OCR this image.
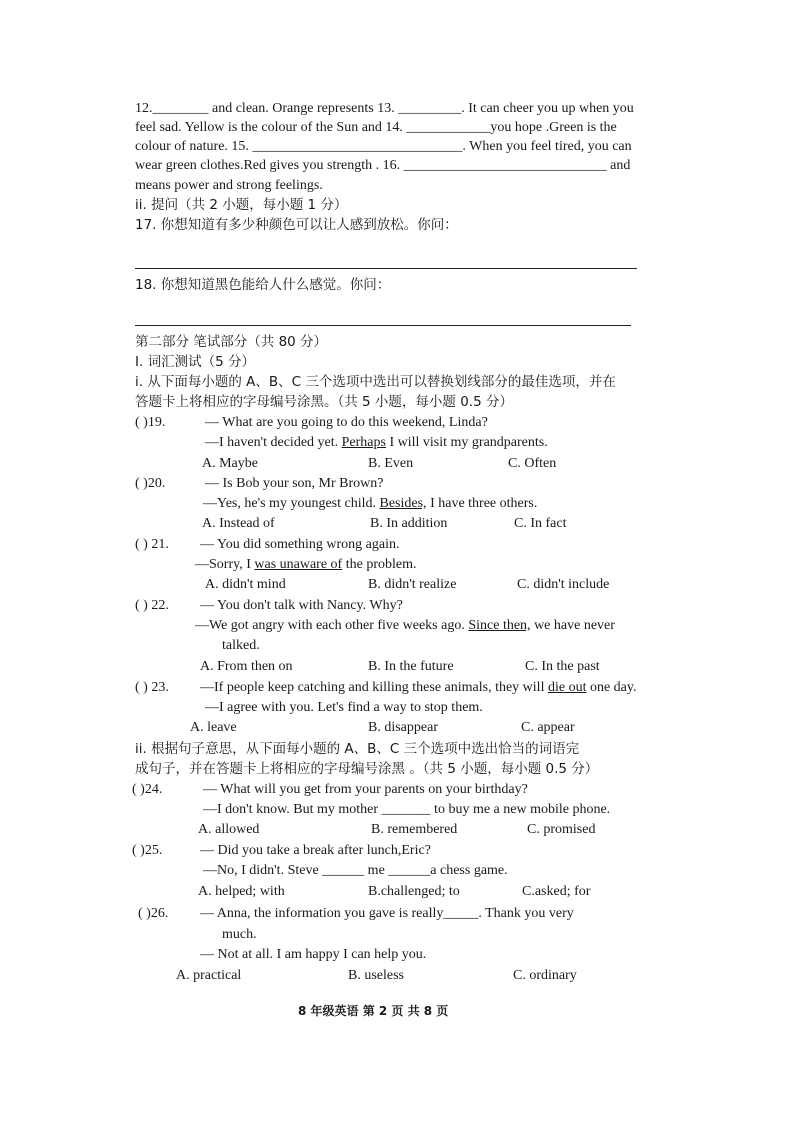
12.________ and clean. Orange represents 13. _________. It can cheer you up when you
feel sad. Yellow is the colour of the Sun and 14. ____________you hope .Green is the
colour of nature. 15. ______________________________. When you feel tired, you can
wear green clothes.Red gives you strength . 16. _____________________________ and
means power and strong feelings.
ii. 提问（共 2 小题，每小题 1 分）
17. 你想知道有多少种颜色可以让人感到放松。你问：
18. 你想知道黑色能给人什么感觉。你问：
第二部分 笔试部分（共 80 分）
I. 词汇测试（5 分）
i. 从下面每小题的 A、B、C 三个选项中选出可以替换划线部分的最佳选项，并在
答题卡上将相应的字母编号涂黑。（共 5 小题，每小题 0.5 分）
( )19.	— What are you going to do this weekend, Linda?
—I haven't decided yet. Perhaps I will visit my grandparents.
A. Maybe	B. Even	C. Often
( )20.	— Is Bob your son, Mr Brown?
—Yes, he's my youngest child. Besides, I have three others.
A. Instead of	B. In addition	C. In fact
( ) 21. — You did something wrong again.
—Sorry, I was unaware of the problem.
A. didn't mind	B. didn't realize	C. didn't include
( ) 22. — You don't talk with Nancy. Why?
—We got angry with each other five weeks ago. Since then, we have never
talked.
A. From then on	B. In the future	C. In the past
( ) 23. —If people keep catching and killing these animals, they will die out one day.
—I agree with you. Let's find a way to stop them.
A. leave	B. disappear	C. appear
ii. 根据句子意思，从下面每小题的 A、B、C 三个选项中选出恰当的词语完
成句子，并在答题卡上将相应的字母编号涂黑 。（共 5 小题，每小题 0.5 分）
( )24.	— What will you get from your parents on your birthday?
—I don't know. But my mother _______ to buy me a new mobile phone.
A. allowed	B. remembered	C. promised
( )25.	— Did you take a break after lunch,Eric?
—No, I didn't. Steve ______ me ______a chess game.
A. helped; with	B.challenged; to	C.asked; for
( )26. — Anna, the information you gave is really_____. Thank you very
much.
— Not at all. I am happy I can help you.
A. practical	B. useless	C. ordinary
8 年级英语 第 2 页 共 8 页
